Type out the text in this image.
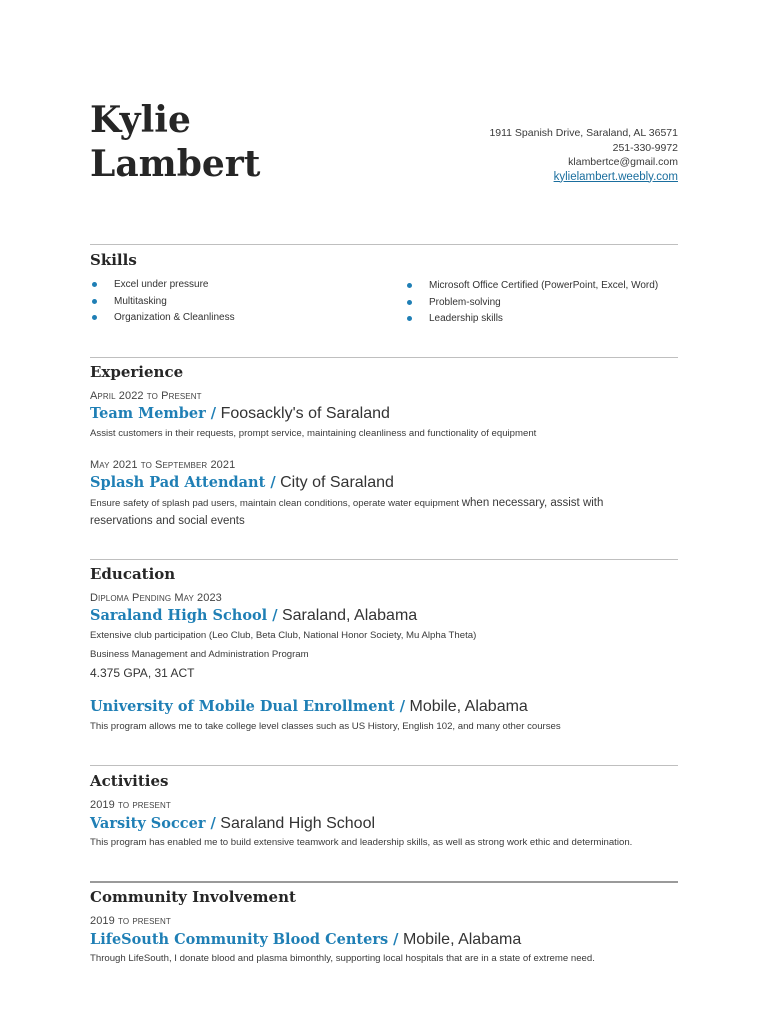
Kylie
Lambert
1911 Spanish Drive, Saraland, AL 36571
251-330-9972
klambertce@gmail.com
kylielambert.weebly.com
Skills
Excel under pressure
Multitasking
Organization & Cleanliness
Microsoft Office Certified (PowerPoint, Excel, Word)
Problem-solving
Leadership skills
Experience
April 2022 to Present
Team Member / Foosackly's of Saraland
Assist customers in their requests, prompt service, maintaining cleanliness and functionality of equipment
May 2021 to September 2021
Splash Pad Attendant / City of Saraland
Ensure safety of splash pad users, maintain clean conditions, operate water equipment when necessary, assist with
reservations and social events
Education
Diploma Pending May 2023
Saraland High School / Saraland, Alabama
Extensive club participation (Leo Club, Beta Club, National Honor Society, Mu Alpha Theta)
Business Management and Administration Program
4.375 GPA, 31 ACT
University of Mobile Dual Enrollment / Mobile, Alabama
This program allows me to take college level classes such as US History, English 102, and many other courses
Activities
2019 to present
Varsity Soccer / Saraland High School
This program has enabled me to build extensive teamwork and leadership skills, as well as strong work ethic and determination.
Community Involvement
2019 to present
LifeSouth Community Blood Centers / Mobile, Alabama
Through LifeSouth, I donate blood and plasma bimonthly, supporting local hospitals that are in a state of extreme need.
